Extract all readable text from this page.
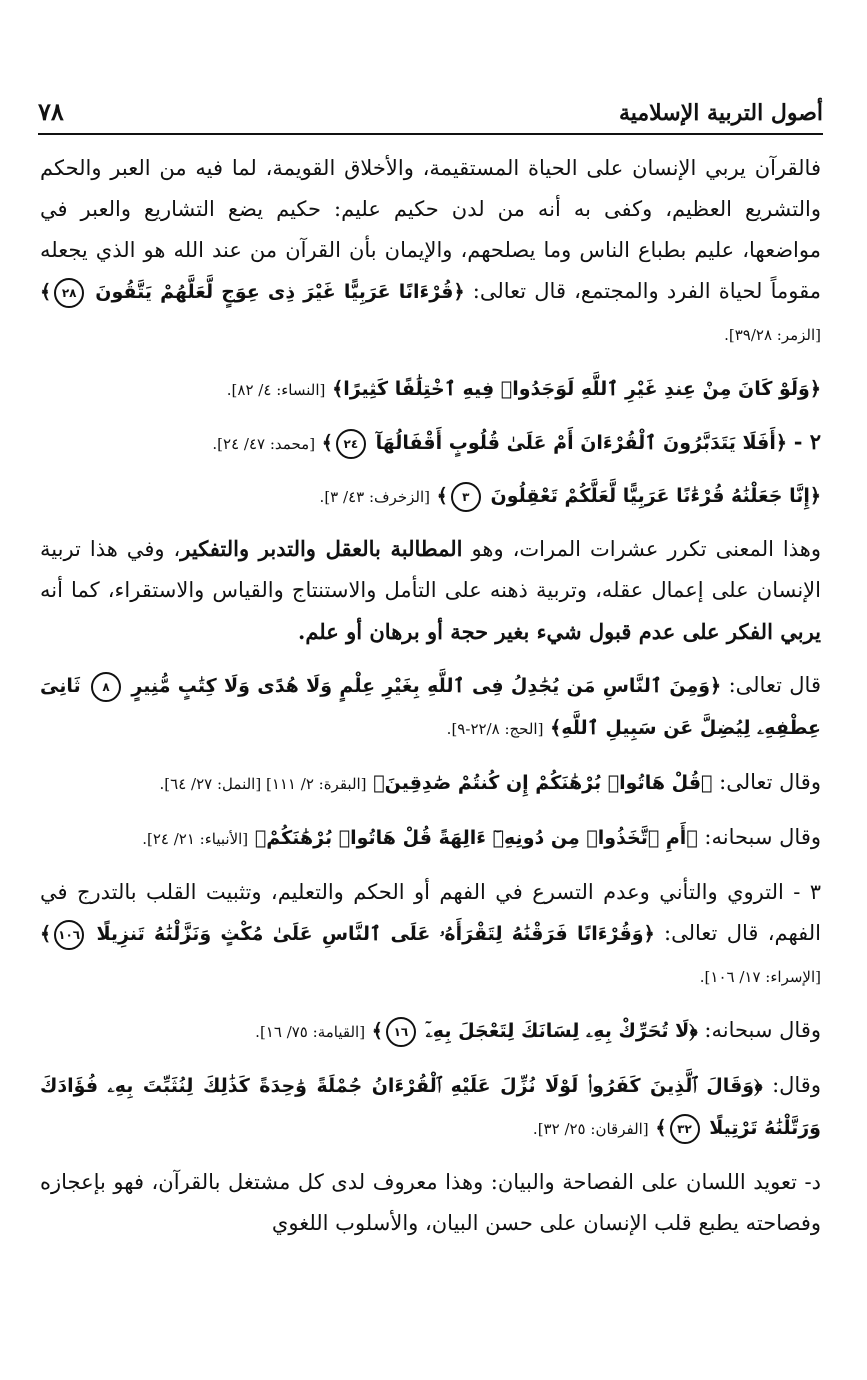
أصول التربية الإسلامية
٧٨

فالقرآن يربي الإنسان على الحياة المستقيمة، والأخلاق القويمة، لما فيه من العبر والحكم والتشريع العظيم، وكفى به أنه من لدن حكيم عليم: حكيم يضع التشاريع والعبر في مواضعها، عليم بطباع الناس وما يصلحهم، والإيمان بأن القرآن من عند الله هو الذي يجعله مقوماً لحياة الفرد والمجتمع، قال تعالى: ﴿قُرْءَانًا عَرَبِيًّا غَيْرَ ذِى عِوَجٍ لَّعَلَّهُمْ يَتَّقُونَ ٢٨﴾ [الزمر: ٣٩/٢٨].

﴿وَلَوْ كَانَ مِنْ عِندِ غَيْرِ ٱللَّهِ لَوَجَدُوا۟ فِيهِ ٱخْتِلَٰفًا كَثِيرًا﴾ [النساء: ٤/ ٨٢].

٢ - ﴿أَفَلَا يَتَدَبَّرُونَ ٱلْقُرْءَانَ أَمْ عَلَىٰ قُلُوبٍ أَقْفَالُهَآ ٢٤﴾ [محمد: ٤٧/ ٢٤].

﴿إِنَّا جَعَلْنَٰهُ قُرْءَٰنًا عَرَبِيًّا لَّعَلَّكُمْ تَعْقِلُونَ ٣﴾ [الزخرف: ٤٣/ ٣].

وهذا المعنى تكرر عشرات المرات، وهو المطالبة بالعقل والتدبر والتفكير، وفي هذا تربية الإنسان على إعمال عقله، وتربية ذهنه على التأمل والاستنتاج والقياس والاستقراء، كما أنه يربي الفكر على عدم قبول شيء بغير حجة أو برهان أو علم.

قال تعالى: ﴿وَمِنَ ٱلنَّاسِ مَن يُجَٰدِلُ فِى ٱللَّهِ بِغَيْرِ عِلْمٍ وَلَا هُدًى وَلَا كِتَٰبٍ مُّنِيرٍ ٨ ثَانِىَ عِطْفِهِۦ لِيُضِلَّ عَن سَبِيلِ ٱللَّهِ﴾ [الحج: ٢٢/٨-٩].

وقال تعالى: ﴿قُلْ هَاتُوا۟ بُرْهَٰنَكُمْ إِن كُنتُمْ صَٰدِقِينَ﴾ [البقرة: ٢/ ١١١] [النمل: ٢٧/ ٦٤].

وقال سبحانه: ﴿أَمِ ٱتَّخَذُوا۟ مِن دُونِهِۦٓ ءَالِهَةً قُلْ هَاتُوا۟ بُرْهَٰنَكُمْ﴾ [الأنبياء: ٢١/ ٢٤].

٣ - التروي والتأني وعدم التسرع في الفهم أو الحكم والتعليم، وتثبيت القلب بالتدرج في الفهم، قال تعالى: ﴿وَقُرْءَانًا فَرَقْنَٰهُ لِتَقْرَأَهُۥ عَلَى ٱلنَّاسِ عَلَىٰ مُكْثٍ وَنَزَّلْنَٰهُ تَنزِيلًا ١٠٦﴾ [الإسراء: ١٧/ ١٠٦].

وقال سبحانه: ﴿لَا تُحَرِّكْ بِهِۦ لِسَانَكَ لِتَعْجَلَ بِهِۦٓ ١٦﴾ [القيامة: ٧٥/ ١٦].

وقال: ﴿وَقَالَ ٱلَّذِينَ كَفَرُوا۟ لَوْلَا نُزِّلَ عَلَيْهِ ٱلْقُرْءَانُ جُمْلَةً وَٰحِدَةً كَذَٰلِكَ لِنُثَبِّتَ بِهِۦ فُؤَادَكَ وَرَتَّلْنَٰهُ تَرْتِيلًا ٣٢﴾ [الفرقان: ٢٥/ ٣٢].

د- تعويد اللسان على الفصاحة والبيان: وهذا معروف لدى كل مشتغل بالقرآن، فهو بإعجازه وفصاحته يطبع قلب الإنسان على حسن البيان، والأسلوب اللغوي
